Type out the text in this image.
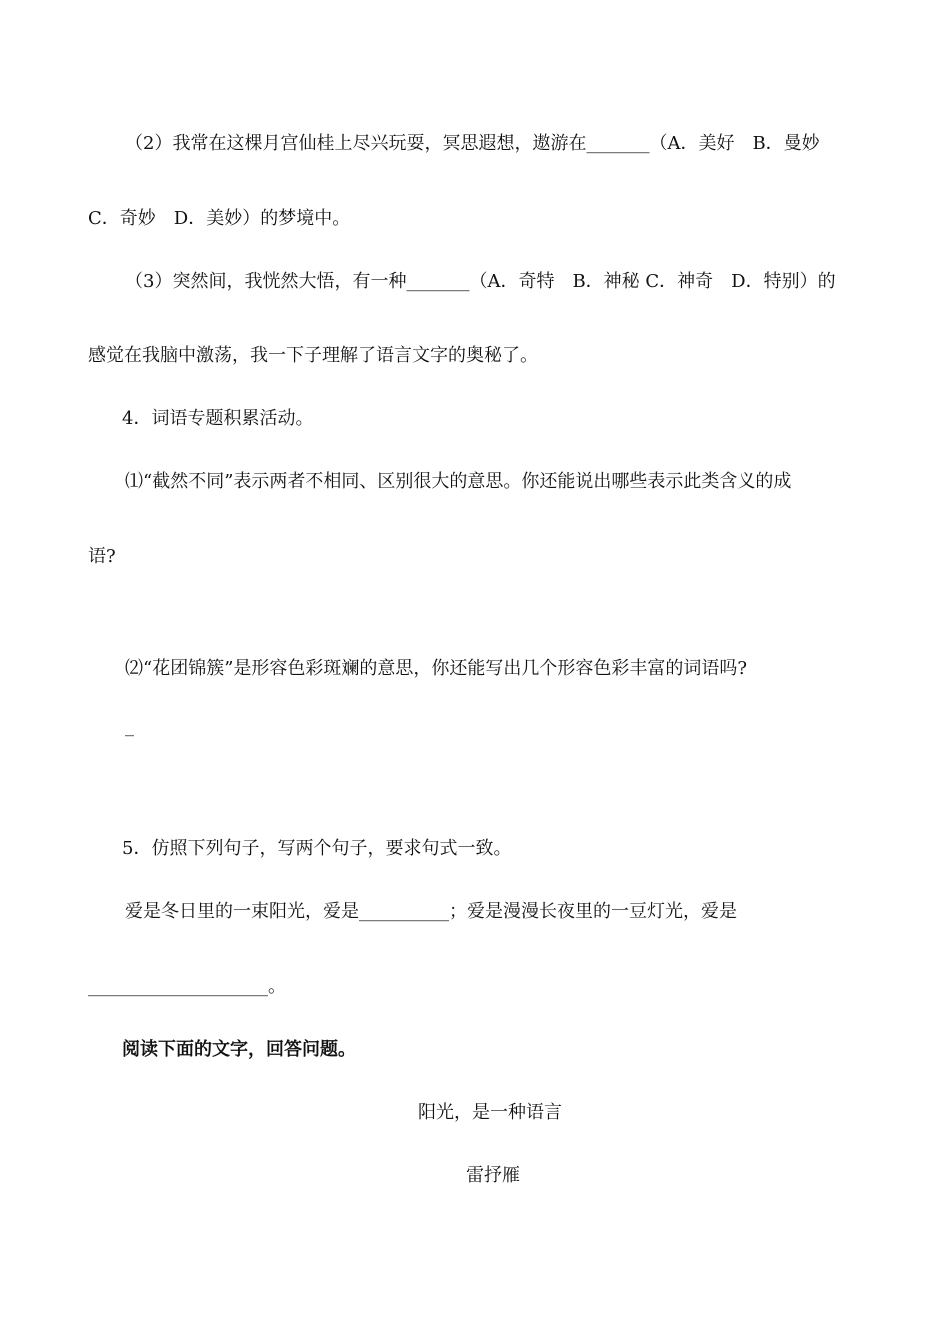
（2）我常在这棵月宫仙桂上尽兴玩耍，冥思遐想，遨游在_______（A．美好　B．曼妙
C．奇妙　D．美妙）的梦境中。
（3）突然间，我恍然大悟，有一种_______（A．奇特　B．神秘 C．神奇　D．特别）的
感觉在我脑中激荡，我一下子理解了语言文字的奥秘了。
4．词语专题积累活动。
⑴“截然不同”表示两者不相同、区别很大的意思。你还能说出哪些表示此类含义的成
语?
⑵“花团锦簇”是形容色彩斑斓的意思，你还能写出几个形容色彩丰富的词语吗?
_
5．仿照下列句子，写两个句子，要求句式一致。
爱是冬日里的一束阳光，爱是__________；爱是漫漫长夜里的一豆灯光，爱是
____________________。
阅读下面的文字，回答问题。
阳光，是一种语言
雷抒雁
